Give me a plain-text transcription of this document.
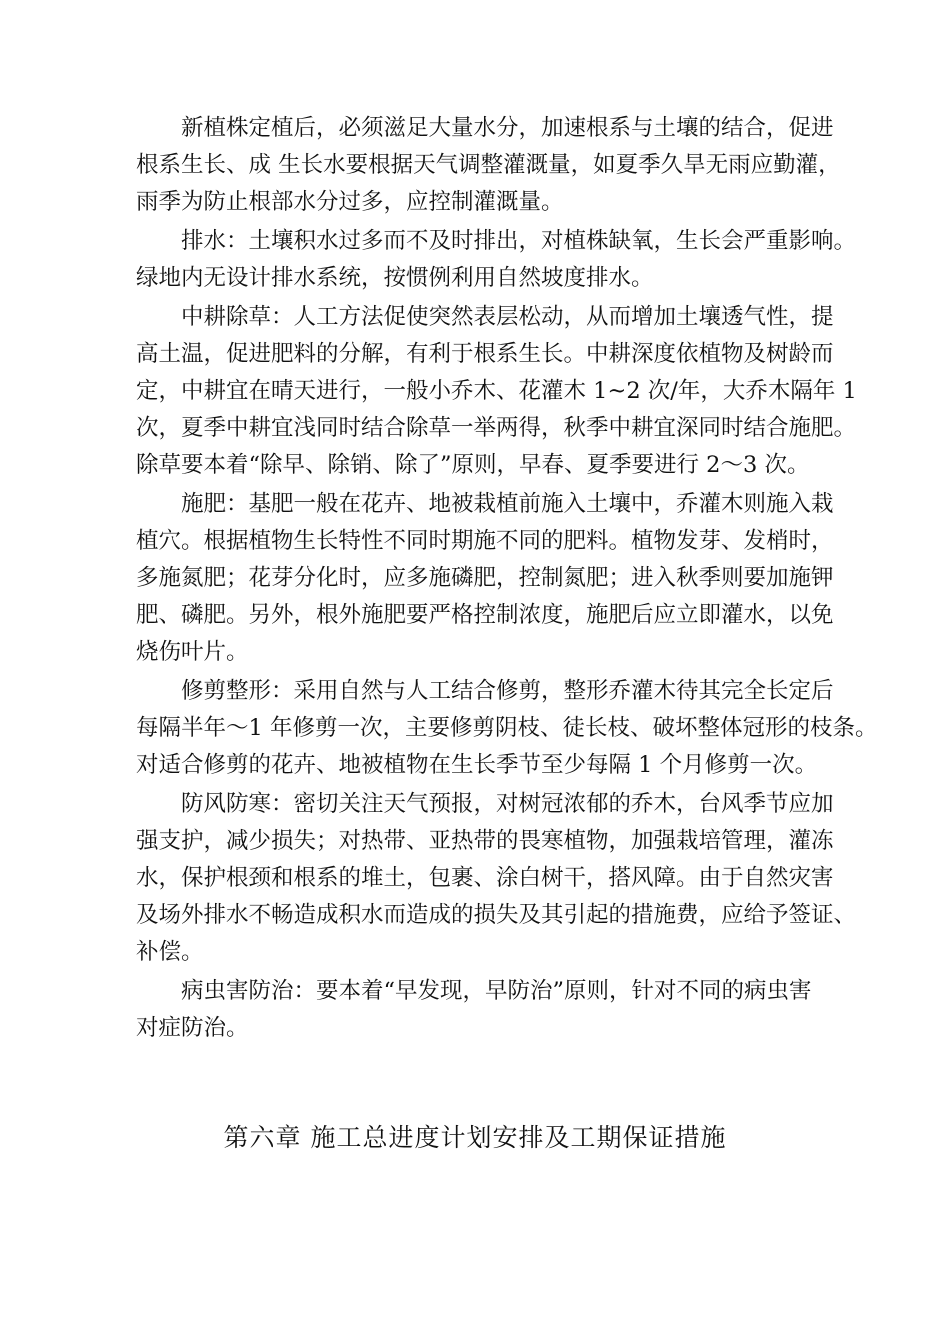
新植株定植后，必须滋足大量水分，加速根系与土壤的结合，促进
根系生长、成 生长水要根据天气调整灌溉量，如夏季久旱无雨应勤灌，
雨季为防止根部水分过多，应控制灌溉量。

排水：土壤积水过多而不及时排出，对植株缺氧，生长会严重影响。
绿地内无设计排水系统，按惯例利用自然坡度排水。

中耕除草：人工方法促使突然表层松动，从而增加土壤透气性，提
高土温，促进肥料的分解，有利于根系生长。中耕深度依植物及树龄而
定，中耕宜在晴天进行，一般小乔木、花灌木 1~2 次/年，大乔木隔年 1
次，夏季中耕宜浅同时结合除草一举两得，秋季中耕宜深同时结合施肥。
除草要本着“除早、除销、除了”原则，早春、夏季要进行 2～3 次。

施肥：基肥一般在花卉、地被栽植前施入土壤中，乔灌木则施入栽
植穴。根据植物生长特性不同时期施不同的肥料。植物发芽、发梢时，
多施氮肥；花芽分化时，应多施磷肥，控制氮肥；进入秋季则要加施钾
肥、磷肥。另外，根外施肥要严格控制浓度，施肥后应立即灌水，以免
烧伤叶片。

修剪整形：采用自然与人工结合修剪，整形乔灌木待其完全长定后
每隔半年～1 年修剪一次，主要修剪阴枝、徒长枝、破坏整体冠形的枝条。
对适合修剪的花卉、地被植物在生长季节至少每隔 1 个月修剪一次。

防风防寒：密切关注天气预报，对树冠浓郁的乔木，台风季节应加
强支护，减少损失；对热带、亚热带的畏寒植物，加强栽培管理，灌冻
水，保护根颈和根系的堆土，包裹、涂白树干，搭风障。由于自然灾害
及场外排水不畅造成积水而造成的损失及其引起的措施费，应给予签证、
补偿。

病虫害防治：要本着“早发现，早防治”原则，针对不同的病虫害
对症防治。

第六章 施工总进度计划安排及工期保证措施
